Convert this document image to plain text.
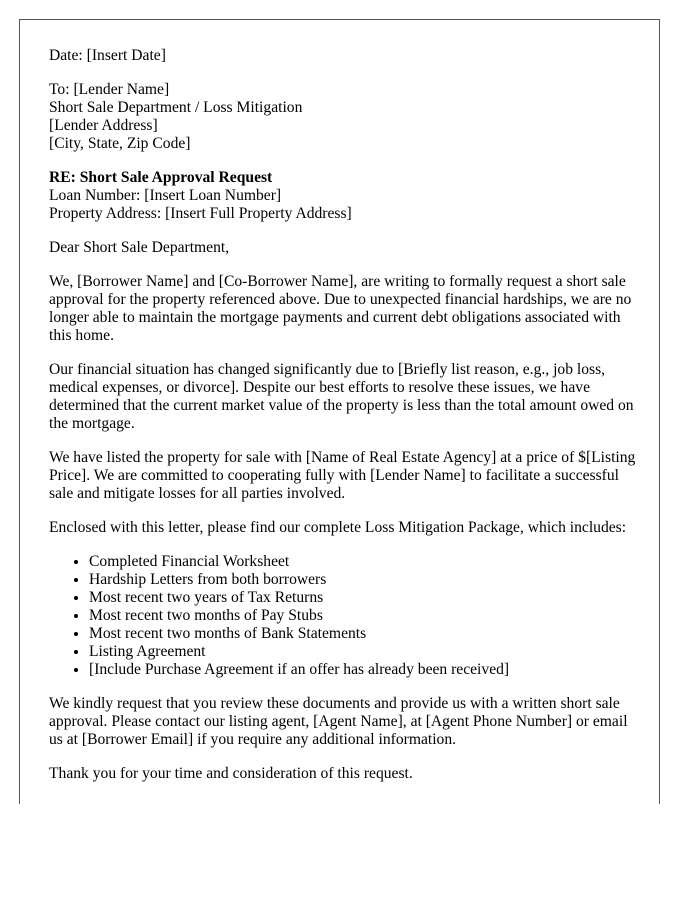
Date: [Insert Date]

To: [Lender Name]
Short Sale Department / Loss Mitigation
[Lender Address]
[City, State, Zip Code]

RE: Short Sale Approval Request
Loan Number: [Insert Loan Number]
Property Address: [Insert Full Property Address]

Dear Short Sale Department,

We, [Borrower Name] and [Co-Borrower Name], are writing to formally request a short sale approval for the property referenced above. Due to unexpected financial hardships, we are no longer able to maintain the mortgage payments and current debt obligations associated with this home.

Our financial situation has changed significantly due to [Briefly list reason, e.g., job loss, medical expenses, or divorce]. Despite our best efforts to resolve these issues, we have determined that the current market value of the property is less than the total amount owed on the mortgage.

We have listed the property for sale with [Name of Real Estate Agency] at a price of $[Listing Price]. We are committed to cooperating fully with [Lender Name] to facilitate a successful sale and mitigate losses for all parties involved.

Enclosed with this letter, please find our complete Loss Mitigation Package, which includes:

• Completed Financial Worksheet
• Hardship Letters from both borrowers
• Most recent two years of Tax Returns
• Most recent two months of Pay Stubs
• Most recent two months of Bank Statements
• Listing Agreement
• [Include Purchase Agreement if an offer has already been received]

We kindly request that you review these documents and provide us with a written short sale approval. Please contact our listing agent, [Agent Name], at [Agent Phone Number] or email us at [Borrower Email] if you require any additional information.

Thank you for your time and consideration of this request.
